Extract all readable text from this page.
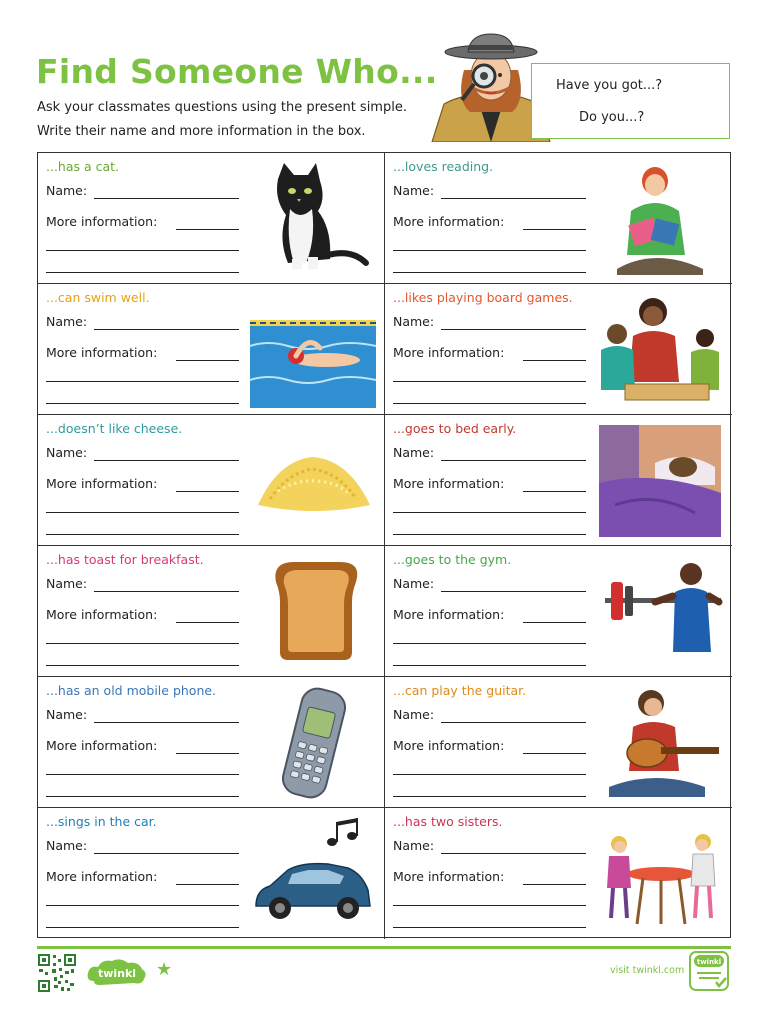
Find Someone Who...
Ask your classmates questions using the present simple.
Write their name and more information in the box.
Have you got...?
Do you...?
...has a cat.
Name:
More information:
...loves reading.
Name:
More information:
...can swim well.
Name:
More information:
...likes playing board games.
Name:
More information:
...doesn’t like cheese.
Name:
More information:
...goes to bed early.
Name:
More information:
...has toast for breakfast.
Name:
More information:
...goes to the gym.
Name:
More information:
...has an old mobile phone.
Name:
More information:
...can play the guitar.
Name:
More information:
...sings in the car.
Name:
More information:
...has two sisters.
Name:
More information:
twinkl ★	visit twinkl.com
twinkl
